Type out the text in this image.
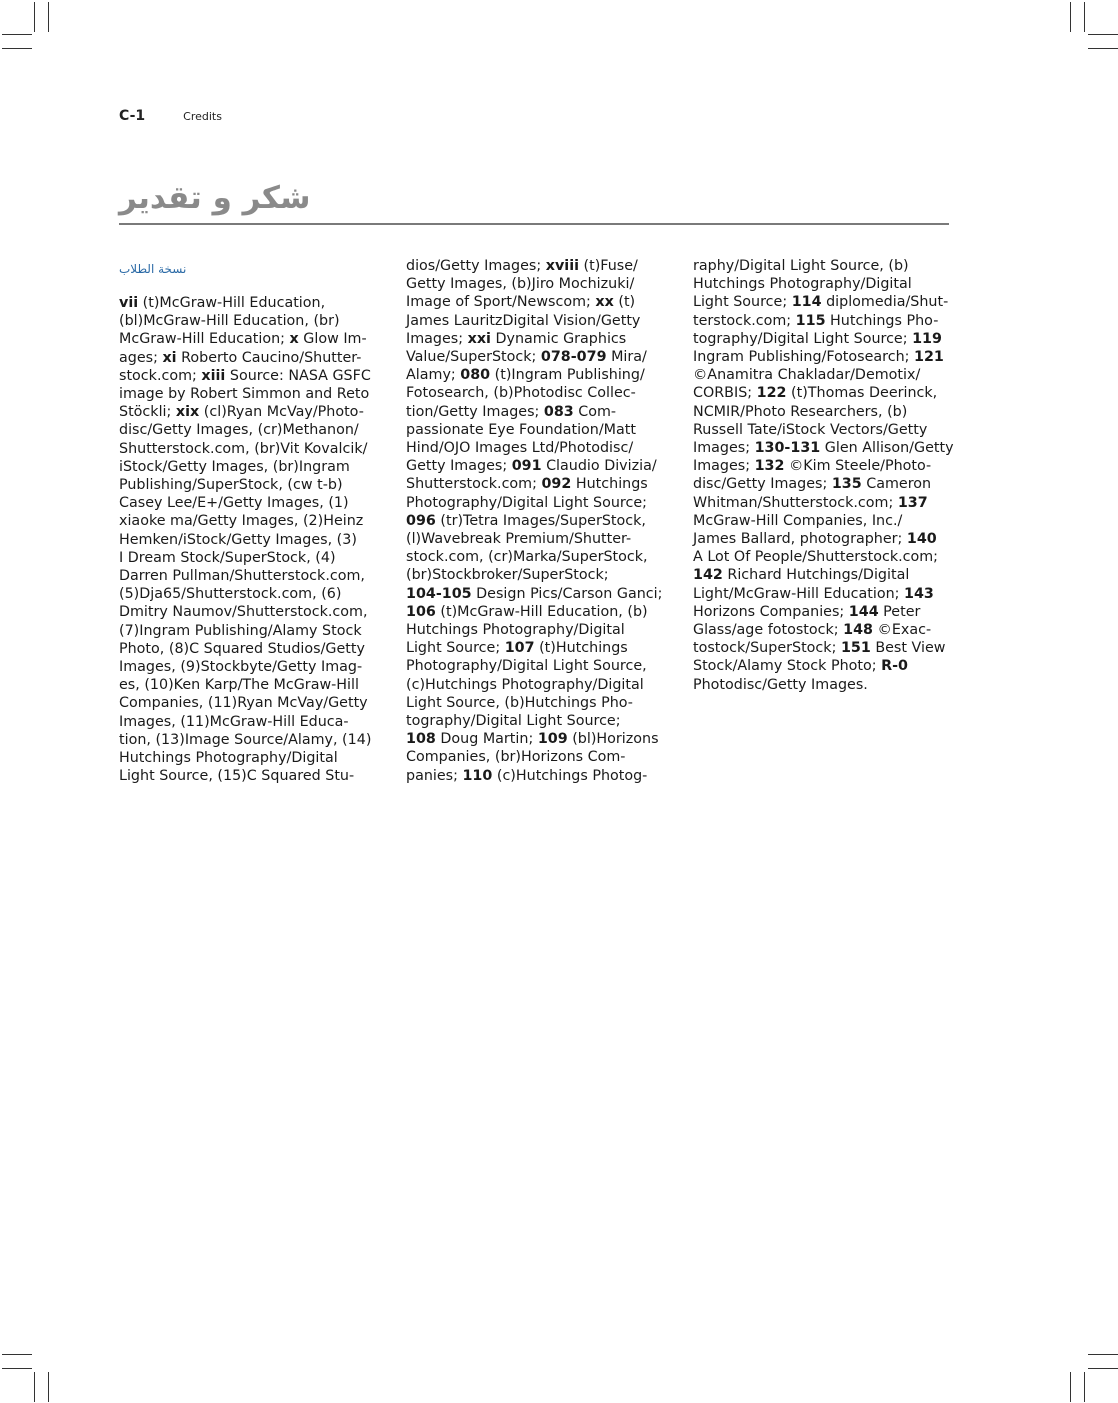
C-1	Credits
شكر و تقدير
نسخة الطلاب
vii (t)McGraw-Hill Education,
(bl)McGraw-Hill Education, (br)
McGraw-Hill Education; x Glow Im-
ages; xi Roberto Caucino/Shutter-
stock.com; xiii Source: NASA GSFC
image by Robert Simmon and Reto
Stöckli; xix (cl)Ryan McVay/Photo-
disc/Getty Images, (cr)Methanon/
Shutterstock.com, (br)Vit Kovalcik/
iStock/Getty Images, (br)Ingram
Publishing/SuperStock, (cw t-b)
Casey Lee/E+/Getty Images, (1)
xiaoke ma/Getty Images, (2)Heinz
Hemken/iStock/Getty Images, (3)
I Dream Stock/SuperStock, (4)
Darren Pullman/Shutterstock.com,
(5)Dja65/Shutterstock.com, (6)
Dmitry Naumov/Shutterstock.com,
(7)Ingram Publishing/Alamy Stock
Photo, (8)C Squared Studios/Getty
Images, (9)Stockbyte/Getty Imag-
es, (10)Ken Karp/The McGraw-Hill
Companies, (11)Ryan McVay/Getty
Images, (11)McGraw-Hill Educa-
tion, (13)Image Source/Alamy, (14)
Hutchings Photography/Digital
Light Source, (15)C Squared Stu-
dios/Getty Images; xviii (t)Fuse/
Getty Images, (b)Jiro Mochizuki/
Image of Sport/Newscom; xx (t)
James LauritzDigital Vision/Getty
Images; xxi Dynamic Graphics
Value/SuperStock; 078-079 Mira/
Alamy; 080 (t)Ingram Publishing/
Fotosearch, (b)Photodisc Collec-
tion/Getty Images; 083 Com-
passionate Eye Foundation/Matt
Hind/OJO Images Ltd/Photodisc/
Getty Images; 091 Claudio Divizia/
Shutterstock.com; 092 Hutchings
Photography/Digital Light Source;
096 (tr)Tetra Images/SuperStock,
(l)Wavebreak Premium/Shutter-
stock.com, (cr)Marka/SuperStock,
(br)Stockbroker/SuperStock;
104-105 Design Pics/Carson Ganci;
106 (t)McGraw-Hill Education, (b)
Hutchings Photography/Digital
Light Source; 107 (t)Hutchings
Photography/Digital Light Source,
(c)Hutchings Photography/Digital
Light Source, (b)Hutchings Pho-
tography/Digital Light Source;
108 Doug Martin; 109 (bl)Horizons
Companies, (br)Horizons Com-
panies; 110 (c)Hutchings Photog-
raphy/Digital Light Source, (b)
Hutchings Photography/Digital
Light Source; 114 diplomedia/Shut-
terstock.com; 115 Hutchings Pho-
tography/Digital Light Source; 119
Ingram Publishing/Fotosearch; 121
©Anamitra Chakladar/Demotix/
CORBIS; 122 (t)Thomas Deerinck,
NCMIR/Photo Researchers, (b)
Russell Tate/iStock Vectors/Getty
Images; 130-131 Glen Allison/Getty
Images; 132 ©Kim Steele/Photo-
disc/Getty Images; 135 Cameron
Whitman/Shutterstock.com; 137
McGraw-Hill Companies, Inc./
James Ballard, photographer; 140
A Lot Of People/Shutterstock.com;
142 Richard Hutchings/Digital
Light/McGraw-Hill Education; 143
Horizons Companies; 144 Peter
Glass/age fotostock; 148 ©Exac-
tostock/SuperStock; 151 Best View
Stock/Alamy Stock Photo; R-0
Photodisc/Getty Images.
